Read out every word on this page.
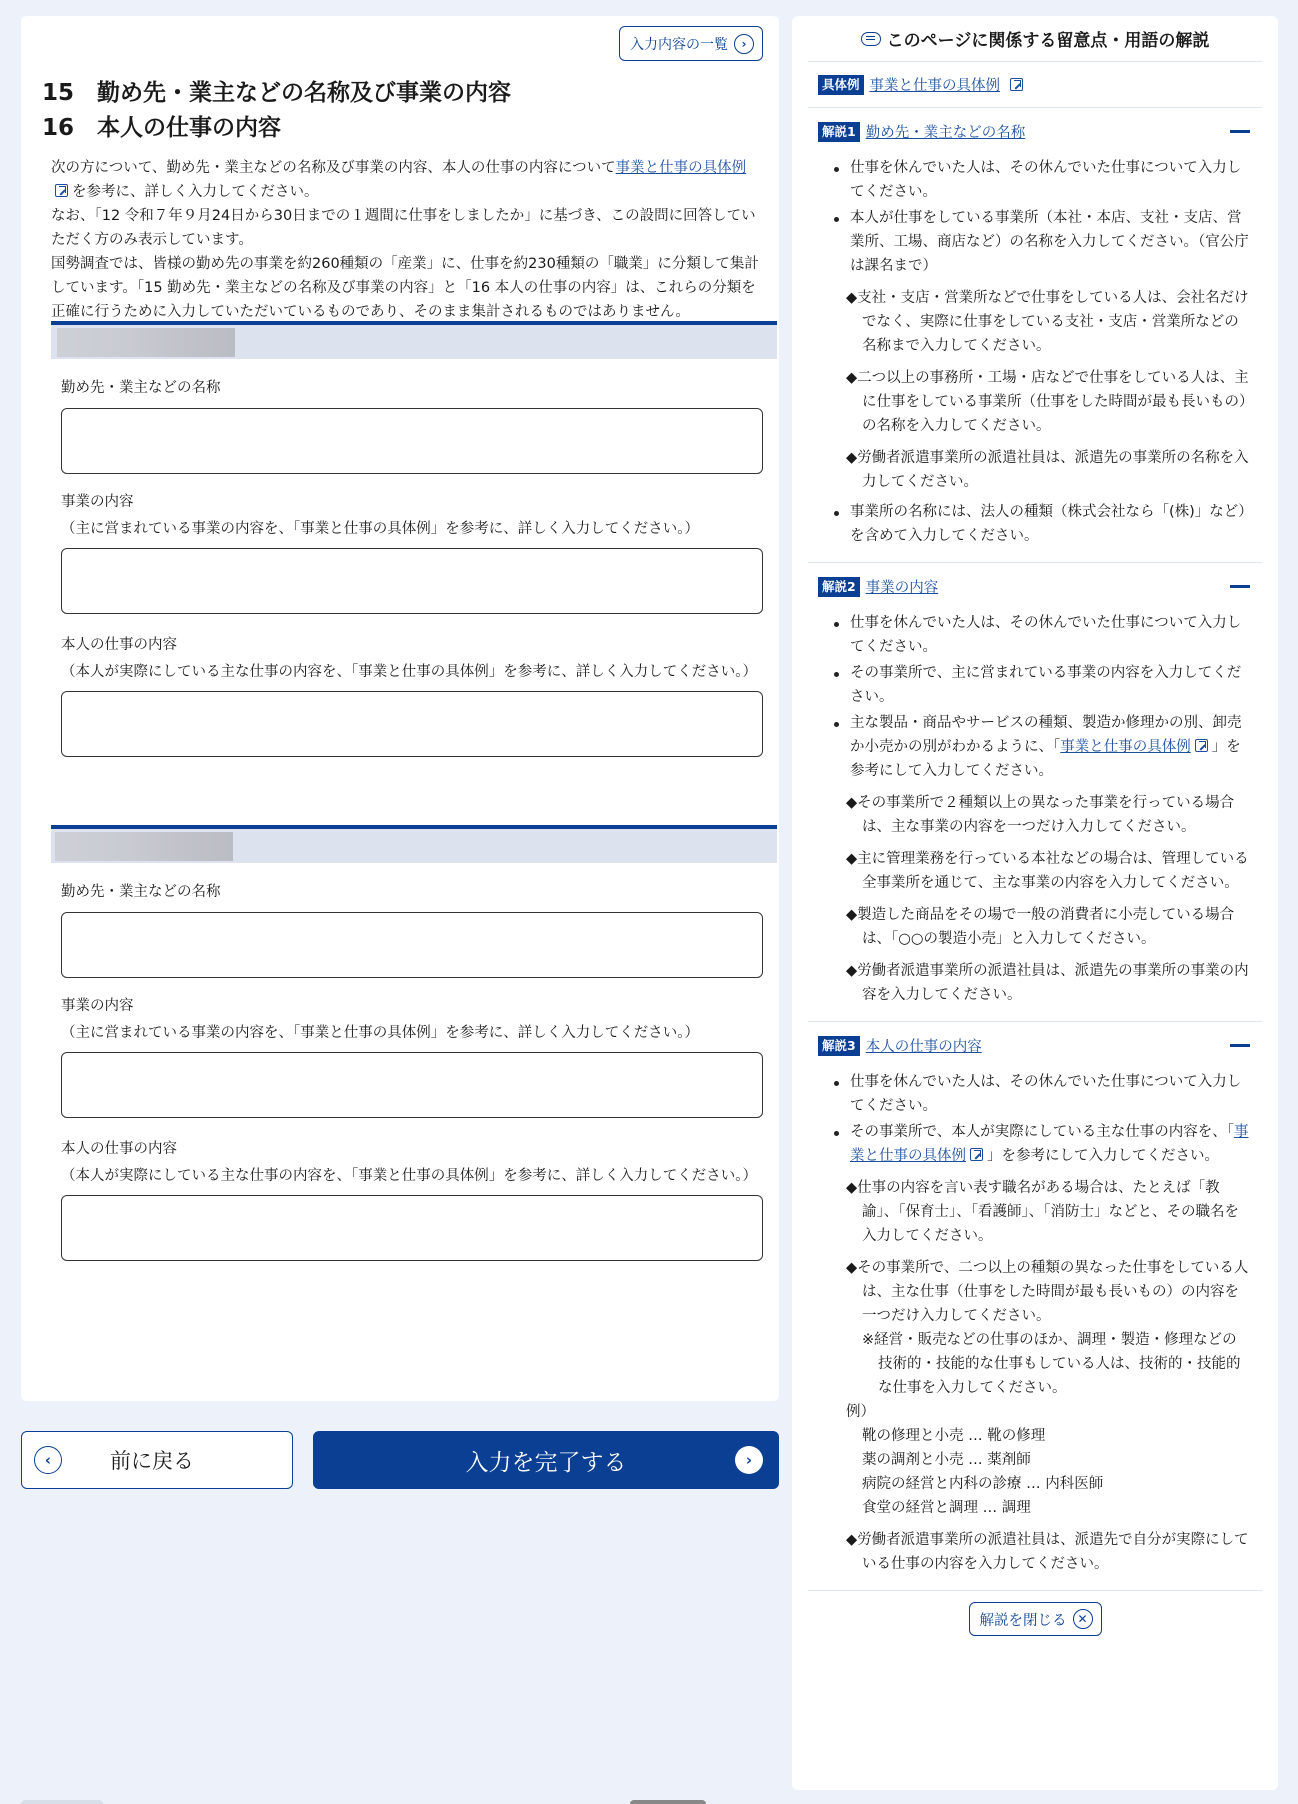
入力内容の一覧	›
15　勤め先・業主などの名称及び事業の内容
16　本人の仕事の内容

次の方について、勤め先・業主などの名称及び事業の内容、本人の仕事の内容について事業と仕事の具体例を参考に、詳しく入力してください。

なお、「12 令和７年９月24日から30日までの１週間に仕事をしましたか」に基づき、この設問に回答していただく方のみ表示しています。

国勢調査では、皆様の勤め先の事業を約260種類の「産業」に、仕事を約230種類の「職業」に分類して集計しています。「15 勤め先・業主などの名称及び事業の内容」と「16 本人の仕事の内容」は、これらの分類を正確に行うために入力していただいているものであり、そのまま集計されるものではありません。

勤め先・業主などの名称
事業の内容
（主に営まれている事業の内容を、「事業と仕事の具体例」を参考に、詳しく入力してください。）
本人の仕事の内容
（本人が実際にしている主な仕事の内容を、「事業と仕事の具体例」を参考に、詳しく入力してください。）
勤め先・業主などの名称
事業の内容
（主に営まれている事業の内容を、「事業と仕事の具体例」を参考に、詳しく入力してください。）
本人の仕事の内容
（本人が実際にしている主な仕事の内容を、「事業と仕事の具体例」を参考に、詳しく入力してください。）
‹	前に戻る	入力を完了する	›
このページに関係する留意点・用語の解説
具体例 事業と仕事の具体例
解説1 勤め先・業主などの名称
仕事を休んでいた人は、その休んでいた仕事について入力してください。
本人が仕事をしている事業所（本社・本店、支社・支店、営業所、工場、商店など）の名称を入力してください。（官公庁は課名まで）
◆支社・支店・営業所などで仕事をしている人は、会社名だけでなく、実際に仕事をしている支社・支店・営業所などの名称まで入力してください。
◆二つ以上の事務所・工場・店などで仕事をしている人は、主に仕事をしている事業所（仕事をした時間が最も長いもの）の名称を入力してください。
◆労働者派遣事業所の派遣社員は、派遣先の事業所の名称を入力してください。
事業所の名称には、法人の種類（株式会社なら「(株)」など）を含めて入力してください。
解説2 事業の内容
仕事を休んでいた人は、その休んでいた仕事について入力してください。
その事業所で、主に営まれている事業の内容を入力してください。
主な製品・商品やサービスの種類、製造か修理かの別、卸売か小売かの別がわかるように、「事業と仕事の具体例 」を参考にして入力してください。
◆その事業所で２種類以上の異なった事業を行っている場合は、主な事業の内容を一つだけ入力してください。
◆主に管理業務を行っている本社などの場合は、管理している全事業所を通じて、主な事業の内容を入力してください。
◆製造した商品をその場で一般の消費者に小売している場合は、「○○の製造小売」と入力してください。
◆労働者派遣事業所の派遣社員は、派遣先の事業所の事業の内容を入力してください。
解説3 本人の仕事の内容
仕事を休んでいた人は、その休んでいた仕事について入力してください。
その事業所で、本人が実際にしている主な仕事の内容を、「事業と仕事の具体例 」を参考にして入力してください。
◆仕事の内容を言い表す職名がある場合は、たとえば「教諭」、「保育士」、「看護師」、「消防士」などと、その職名を入力してください。
◆その事業所で、二つ以上の種類の異なった仕事をしている人は、主な仕事（仕事をした時間が最も長いもの）の内容を一つだけ入力してください。
※経営・販売などの仕事のほか、調理・製造・修理などの技術的・技能的な仕事もしている人は、技術的・技能的な仕事を入力してください。
例）
靴の修理と小売 … 靴の修理
薬の調剤と小売 … 薬剤師
病院の経営と内科の診療 … 内科医師
食堂の経営と調理 … 調理
◆労働者派遣事業所の派遣社員は、派遣先で自分が実際にしている仕事の内容を入力してください。
解説を閉じる ✕
